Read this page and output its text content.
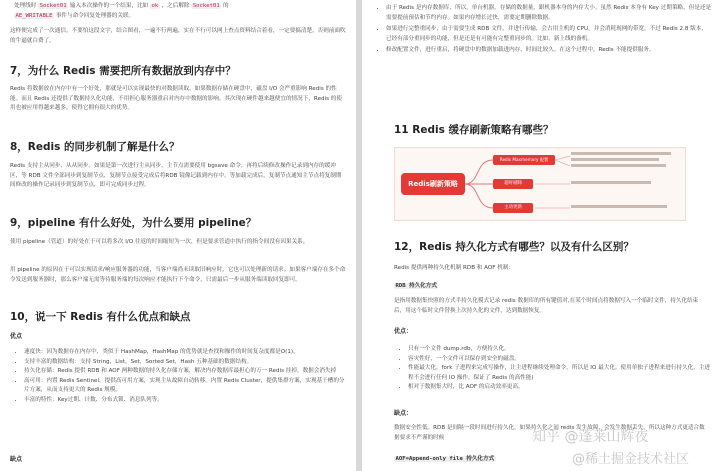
处理线时 Socket01 输入本次操作的一个结果，比如 ok ，之后解除 Socket01 的
AE_WRITABLE 事件与命令回复处理器的关联。

这样便完成了一次通信。不要怕这段文字，结合图看，一遍不行两遍，实在不行可以网上查点资料结合着看，一定要搞清楚，否则前面吹的牛逼就白费了。

7，为什么 Redis 需要把所有数据放到内存中？

Redis 将数据放在内存中有一个好处，那就是可以实现最快的对数据读取，如果数据存储在硬盘中，磁盘 I/O 会严重影响 Redis 的性能。而且 Redis 还提供了数据持久化功能，不用担心服务器重启对内存中数据的影响。其次现在硬件越来越便宜的情况下，Redis 的使用也被应用得越来越多，使得它拥有很大的优势。

8，Redis 的同步机制了解是什么？

Redis 支持主从同步、从从同步。如果是第一次进行主从同步，主节点需要使用 bgsave 命令，再将后续修改操作记录到内存的缓冲区，等 RDB 文件全部同步到复制节点，复制节点接受完成后将RDB 镜像记载到内存中。等加载完成后，复制节点通知主节点将复制期间修改的操作记录同步到复制节点，即可完成同步过程。

9，pipeline 有什么好处，为什么要用 pipeline？

使用 pipeline（管道）的好处在于可以将多次 I/O 往返的时间缩短为一次，但是要求管道中执行的指令间没有因果关系。

用 pipeline 的原因在于可以实现请求/响应服务器的功能，当客户端尚未读取旧响应时，它也可以处理新的请求。如果客户端存在多个命令发送到服务器时，那么客户端无需等待服务端的每次响应才能执行下个命令，只需最后一步从服务端读取回复即可。

10，说一下 Redis 有什么优点和缺点

优点

• 速度快：因为数据存在内存中，类似于 HashMap，HashMap 的优势就是查找和操作的时间复杂度都是O(1)。
• 支持丰富的数据结构：支持 String，List，Set，Sorted Set，Hash 五种基础的数据结构。
• 持久化存储：Redis 提供 RDB 和 AOF 两种数据的持久化存储方案，解决内存数据库最担心的万一 Redis 挂掉，数据会消失掉
• 高可用：内置 Redis Sentinel，提供高可用方案，实现主从故障自动转移。内置 Redis Cluster，提供集群方案，实现基于槽的分片方案，从而支持更大的 Redis 规模。
• 丰富的特性：Key过期、计数、分布式锁、消息队列等。

缺点

• 由于 Redis 是内存数据库，所以，单台机器，存储的数据量，跟机器本身的内存大小。虽然 Redis 本身有 Key 过期策略，但是还是需要提前预估和节约内存。如果内存增长过快，需要定期删除数据。
• 如果进行完整重同步，由于需要生成 RDB 文件，并进行传输，会占用主机的 CPU，并会消耗现网的带宽。不过 Redis 2.8 版本，已经有部分重同步的功能，但是还是有可能有完整重同步的。比如，新上线的备机。
• 修改配置文件，进行重启，将硬盘中的数据加载进内存，时间比较久。在这个过程中，Redis 不能提供服务。
11 Redis 缓存刷新策略有哪些？
Redis刷新策略
Redis Maxmemory 配置
超时剔除
主动更新
12，Redis 持久化方式有哪些？以及有什么区别？

Redis 提供两种持久化机制 RDB 和 AOF 机制：

RDB 持久化方式

是指用数据集快照的方式半持久化模式记录 redis 数据库的所有键值对,在某个时间点将数据写入一个临时文件，持久化结束后，用这个临时文件替换上次持久化的文件，达到数据恢复。

优点：

• 只有一个文件 dump.rdb，方便持久化。
• 容灾性好，一个文件可以保存到安全的磁盘。
• 性能最大化，fork 子进程来完成写操作，让主进程继续处理命令，所以是 IO 最大化。使用单独子进程来进行持久化，主进程不会进行任何 IO 操作，保证了 Redis 的高性能)
• 相对于数据集大时，比 AOF 的启动效率更高。

缺点：

数据安全性低。RDB 是间隔一段时间进行持久化，如果持久化之间 redis 发生故障，会发生数据丢失。所以这种方式更适合数据要求不严谨的时候

AOF=Append-only file 持久化方式

知乎 @蓬莱山辉夜
@稀土掘金技术社区
